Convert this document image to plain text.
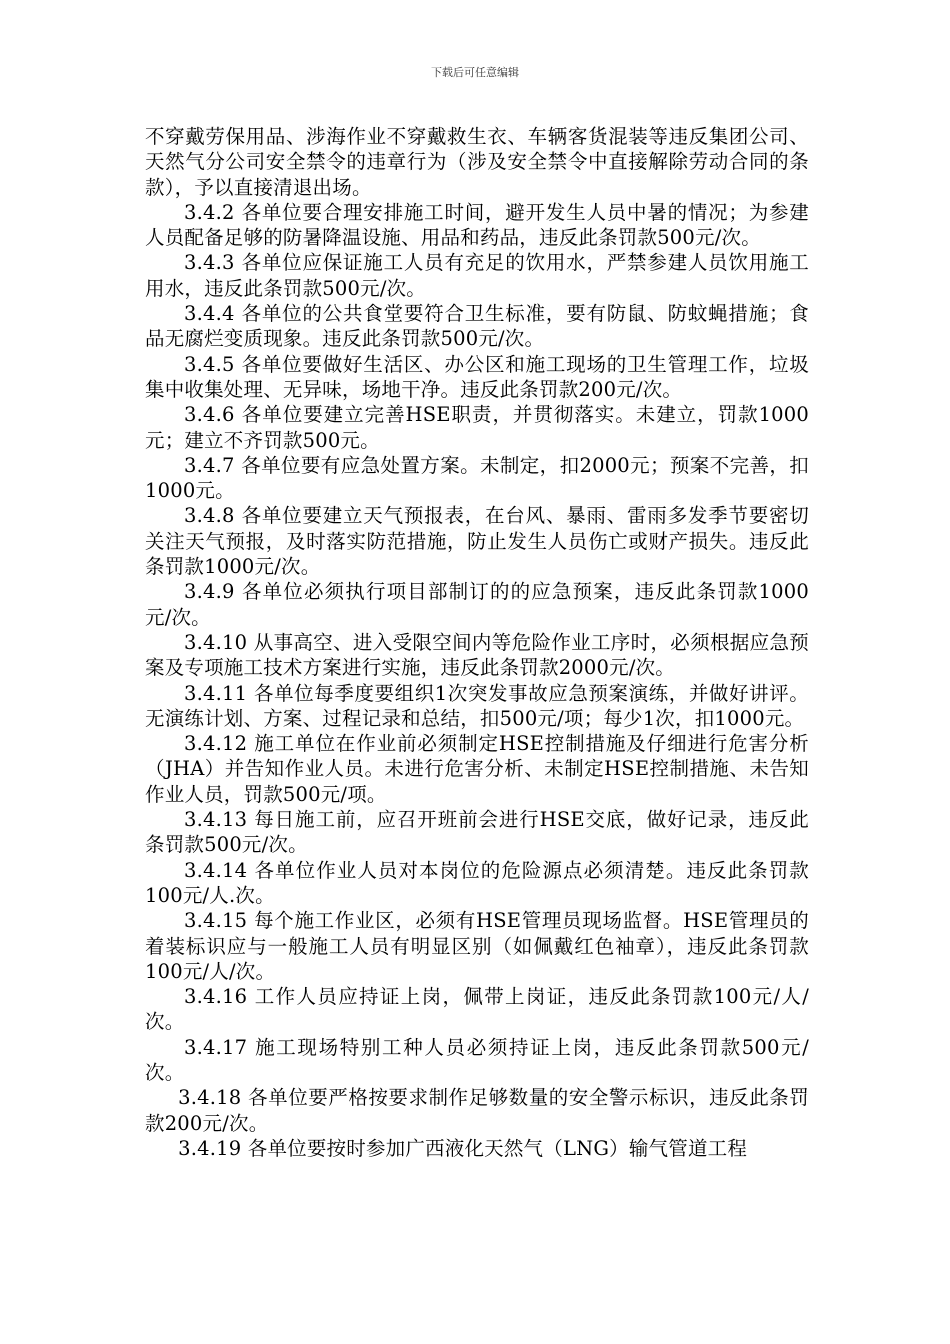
下载后可任意编辑

不穿戴劳保用品、涉海作业不穿戴救生衣、车辆客货混装等违反集团公司、天然气分公司安全禁令的违章行为（涉及安全禁令中直接解除劳动合同的条款），予以直接清退出场。

3.4.2 各单位要合理安排施工时间，避开发生人员中暑的情况；为参建人员配备足够的防暑降温设施、用品和药品，违反此条罚款500元/次。

3.4.3 各单位应保证施工人员有充足的饮用水，严禁参建人员饮用施工用水，违反此条罚款500元/次。

3.4.4 各单位的公共食堂要符合卫生标准，要有防鼠、防蚊蝇措施；食品无腐烂变质现象。违反此条罚款500元/次。

3.4.5 各单位要做好生活区、办公区和施工现场的卫生管理工作，垃圾集中收集处理、无异味，场地干净。违反此条罚款200元/次。

3.4.6 各单位要建立完善HSE职责，并贯彻落实。未建立，罚款1000元；建立不齐罚款500元。

3.4.7 各单位要有应急处置方案。未制定，扣2000元；预案不完善，扣1000元。

3.4.8 各单位要建立天气预报表，在台风、暴雨、雷雨多发季节要密切关注天气预报，及时落实防范措施，防止发生人员伤亡或财产损失。违反此条罚款1000元/次。

3.4.9 各单位必须执行项目部制订的的应急预案，违反此条罚款1000元/次。

3.4.10 从事高空、进入受限空间内等危险作业工序时，必须根据应急预案及专项施工技术方案进行实施，违反此条罚款2000元/次。

3.4.11 各单位每季度要组织1次突发事故应急预案演练，并做好讲评。无演练计划、方案、过程记录和总结，扣500元/项；每少1次，扣1000元。

3.4.12 施工单位在作业前必须制定HSE控制措施及仔细进行危害分析（JHA）并告知作业人员。未进行危害分析、未制定HSE控制措施、未告知作业人员，罚款500元/项。

3.4.13 每日施工前，应召开班前会进行HSE交底，做好记录，违反此条罚款500元/次。

3.4.14 各单位作业人员对本岗位的危险源点必须清楚。违反此条罚款100元/人.次。

3.4.15 每个施工作业区，必须有HSE管理员现场监督。HSE管理员的着装标识应与一般施工人员有明显区别（如佩戴红色袖章），违反此条罚款100元/人/次。

3.4.16 工作人员应持证上岗，佩带上岗证，违反此条罚款100元/人/次。

3.4.17 施工现场特别工种人员必须持证上岗，违反此条罚款500元/次。

3.4.18 各单位要严格按要求制作足够数量的安全警示标识，违反此条罚款200元/次。

3.4.19 各单位要按时参加广西液化天然气（LNG）输气管道工程
